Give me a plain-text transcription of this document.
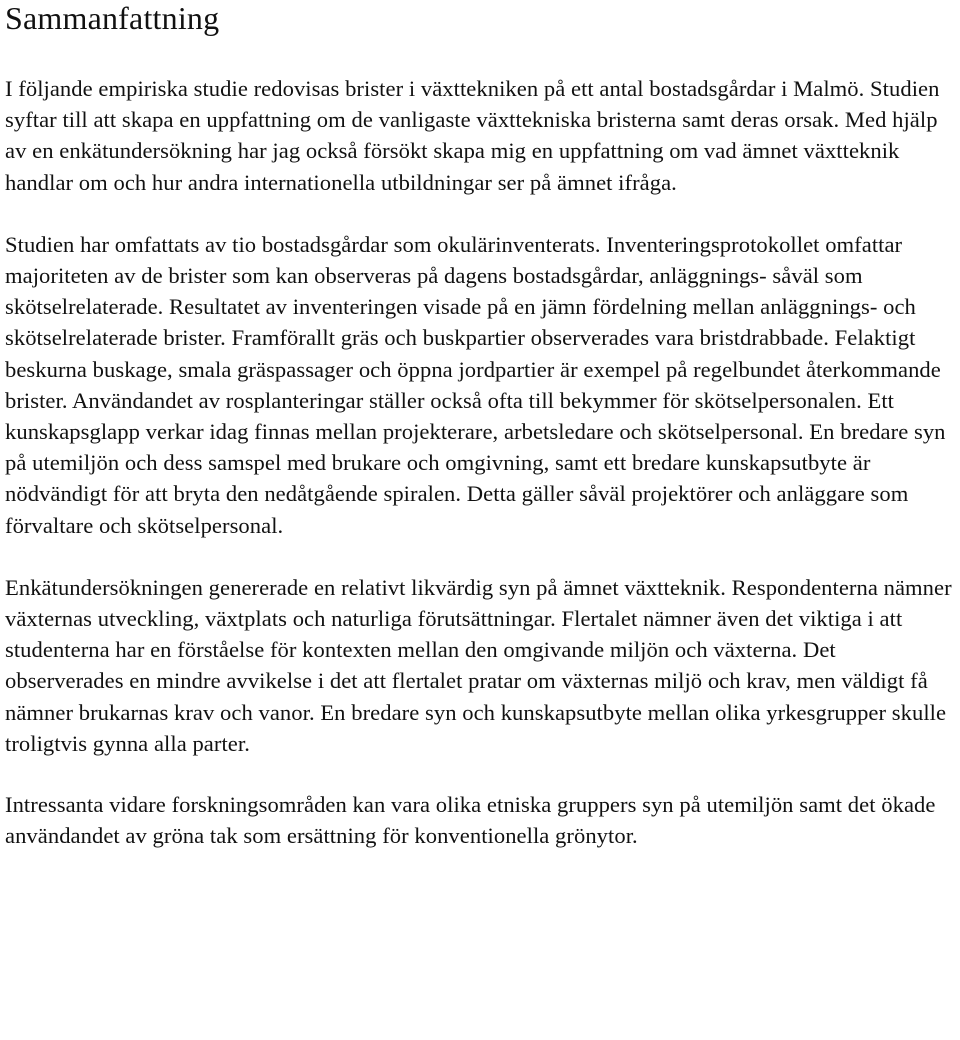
Sammanfattning

I följande empiriska studie redovisas brister i växttekniken på ett antal bostadsgårdar i Malmö. Studien syftar till att skapa en uppfattning om de vanligaste växttekniska bristerna samt deras orsak. Med hjälp av en enkätundersökning har jag också försökt skapa mig en uppfattning om vad ämnet växtteknik handlar om och hur andra internationella utbildningar ser på ämnet ifråga.

Studien har omfattats av tio bostadsgårdar som okulärinventerats. Inventeringsprotokollet omfattar majoriteten av de brister som kan observeras på dagens bostadsgårdar, anläggnings- såväl som skötselrelaterade. Resultatet av inventeringen visade på en jämn fördelning mellan anläggnings- och skötselrelaterade brister. Framförallt gräs och buskpartier observerades vara bristdrabbade. Felaktigt beskurna buskage, smala gräspassager och öppna jordpartier är exempel på regelbundet återkommande brister. Användandet av rosplanteringar ställer också ofta till bekymmer för skötselpersonalen. Ett kunskapsglapp verkar idag finnas mellan projekterare, arbetsledare och skötselpersonal. En bredare syn på utemiljön och dess samspel med brukare och omgivning, samt ett bredare kunskapsutbyte är nödvändigt för att bryta den nedåtgående spiralen. Detta gäller såväl projektörer och anläggare som förvaltare och skötselpersonal.

Enkätundersökningen genererade en relativt likvärdig syn på ämnet växtteknik. Respondenterna nämner växternas utveckling, växtplats och naturliga förutsättningar. Flertalet nämner även det viktiga i att studenterna har en förståelse för kontexten mellan den omgivande miljön och växterna. Det observerades en mindre avvikelse i det att flertalet pratar om växternas miljö och krav, men väldigt få nämner brukarnas krav och vanor. En bredare syn och kunskapsutbyte mellan olika yrkesgrupper skulle troligtvis gynna alla parter.

Intressanta vidare forskningsområden kan vara olika etniska gruppers syn på utemiljön samt det ökade användandet av gröna tak som ersättning för konventionella grönytor.
